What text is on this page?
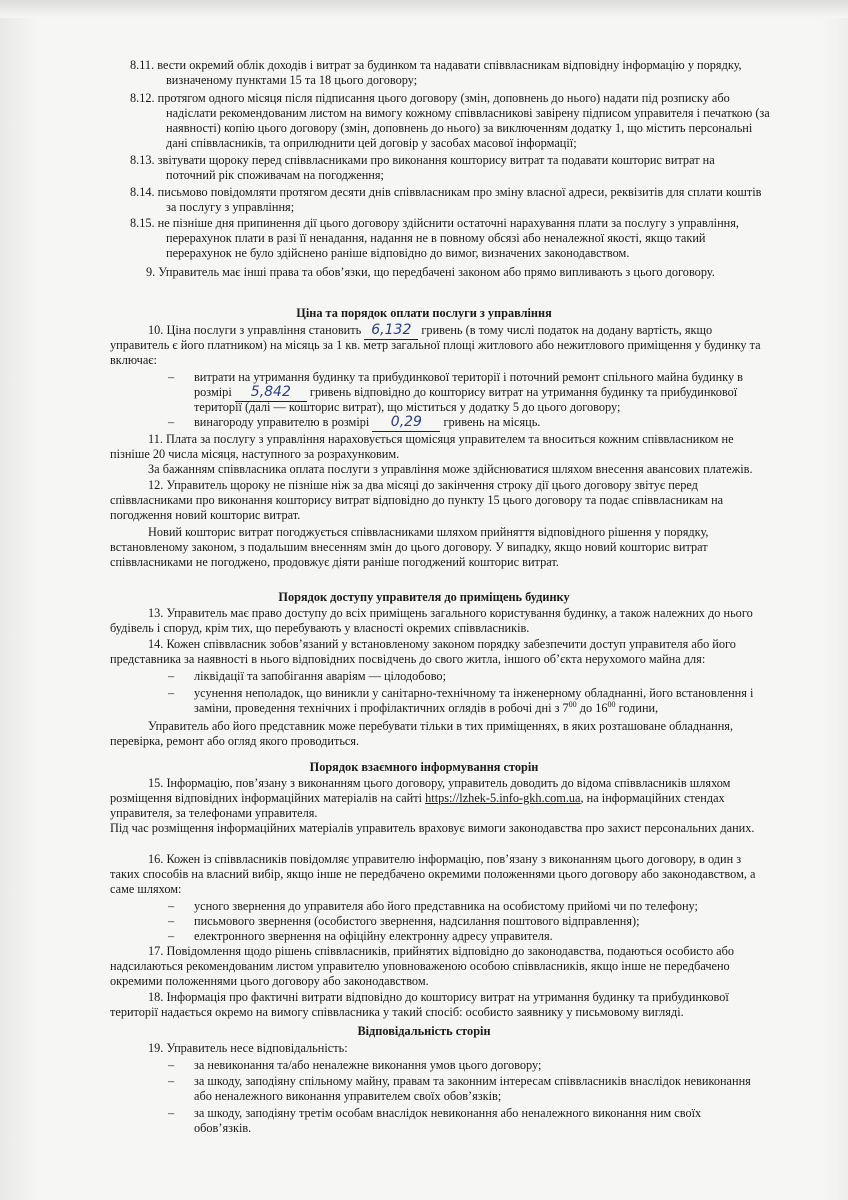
8.11. вести окремий облік доходів і витрат за будинком та надавати співвласникам відповідну інформацію у порядку,
визначеному пунктами 15 та 18 цього договору;
8.12. протягом одного місяця після підписання цього договору (змін, доповнень до нього) надати під розписку або
надіслати рекомендованим листом на вимогу кожному співвласникові завірену підписом управителя і печаткою (за
наявності) копію цього договору (змін, доповнень до нього) за виключенням додатку 1, що містить персональні
дані співвласників, та оприлюднити цей договір у засобах масової інформації;
8.13. звітувати щороку перед співвласниками про виконання кошторису витрат та подавати кошторис витрат на
поточний рік споживачам на погодження;
8.14. письмово повідомляти протягом десяти днів співвласникам про зміну власної адреси, реквізитів для сплати коштів
за послугу з управління;
8.15. не пізніше дня припинення дії цього договору здійснити остаточні нарахування плати за послугу з управління,
перерахунок плати в разі її ненадання, надання не в повному обсязі або неналежної якості, якщо такий
перерахунок не було здійснено раніше відповідно до вимог, визначених законодавством.
9. Управитель має інші права та обов’язки, що передбачені законом або прямо випливають з цього договору.
Ціна та порядок оплати послуги з управління
10. Ціна послуги з управління становить 6,132 гривень (в тому числі податок на додану вартість, якщо
управитель є його платником) на місяць за 1 кв. метр загальної площі житлового або нежитлового приміщення у будинку та
включає:
– витрати на утримання будинку та прибудинкової території і поточний ремонт спільного майна будинку в
розмірі 5,842 гривень відповідно до кошторису витрат на утримання будинку та прибудинкової
території (далі — кошторис витрат), що міститься у додатку 5 до цього договору;
– винагороду управителю в розмірі 0,29 гривень на місяць.
11. Плата за послугу з управління нараховується щомісяця управителем та вноситься кожним співвласником не
пізніше 20 числа місяця, наступного за розрахунковим.
За бажанням співвласника оплата послуги з управління може здійснюватися шляхом внесення авансових платежів.
12. Управитель щороку не пізніше ніж за два місяці до закінчення строку дії цього договору звітує перед
співвласниками про виконання кошторису витрат відповідно до пункту 15 цього договору та подає співвласникам на
погодження новий кошторис витрат.
Новий кошторис витрат погоджується співвласниками шляхом прийняття відповідного рішення у порядку,
встановленому законом, з подальшим внесенням змін до цього договору. У випадку, якщо новий кошторис витрат
співвласниками не погоджено, продовжує діяти раніше погоджений кошторис витрат.
Порядок доступу управителя до приміщень будинку
13. Управитель має право доступу до всіх приміщень загального користування будинку, а також належних до нього
будівель і споруд, крім тих, що перебувають у власності окремих співвласників.
14. Кожен співвласник зобов’язаний у встановленому законом порядку забезпечити доступ управителя або його
представника за наявності в нього відповідних посвідчень до свого житла, іншого об’єкта нерухомого майна для:
– ліквідації та запобігання аваріям — цілодобово;
– усунення неполадок, що виникли у санітарно-технічному та інженерному обладнанні, його встановлення і
заміни, проведення технічних і профілактичних оглядів в робочі дні з $7^{00}$ до $16^{00}$ години,
Управитель або його представник може перебувати тільки в тих приміщеннях, в яких розташоване обладнання,
перевірка, ремонт або огляд якого проводиться.
Порядок взаємного інформування сторін
15. Інформацію, пов’язану з виконанням цього договору, управитель доводить до відома співвласників шляхом
розміщення відповідних інформаційних матеріалів на сайті https://lzhek-5.info-gkh.com.ua, на інформаційних стендах
управителя, за телефонами управителя.
Під час розміщення інформаційних матеріалів управитель враховує вимоги законодавства про захист персональних даних.
16. Кожен із співвласників повідомляє управителю інформацію, пов’язану з виконанням цього договору, в один з
таких способів на власний вибір, якщо інше не передбачено окремими положеннями цього договору або законодавством, а
саме шляхом:
– усного звернення до управителя або його представника на особистому прийомі чи по телефону;
– письмового звернення (особистого звернення, надсилання поштового відправлення);
– електронного звернення на офіційну електронну адресу управителя.
17. Повідомлення щодо рішень співвласників, прийнятих відповідно до законодавства, подаються особисто або
надсилаються рекомендованим листом управителю уповноваженою особою співвласників, якщо інше не передбачено
окремими положеннями цього договору або законодавством.
18. Інформація про фактичні витрати відповідно до кошторису витрат на утримання будинку та прибудинкової
території надається окремо на вимогу співвласника у такий спосіб: особисто заявнику у письмовому вигляді.
Відповідальність сторін
19. Управитель несе відповідальність:
– за невиконання та/або неналежне виконання умов цього договору;
– за шкоду, заподіяну спільному майну, правам та законним інтересам співвласників внаслідок невиконання
або неналежного виконання управителем своїх обов’язків;
– за шкоду, заподіяну третім особам внаслідок невиконання або неналежного виконання ним своїх
обов’язків.
